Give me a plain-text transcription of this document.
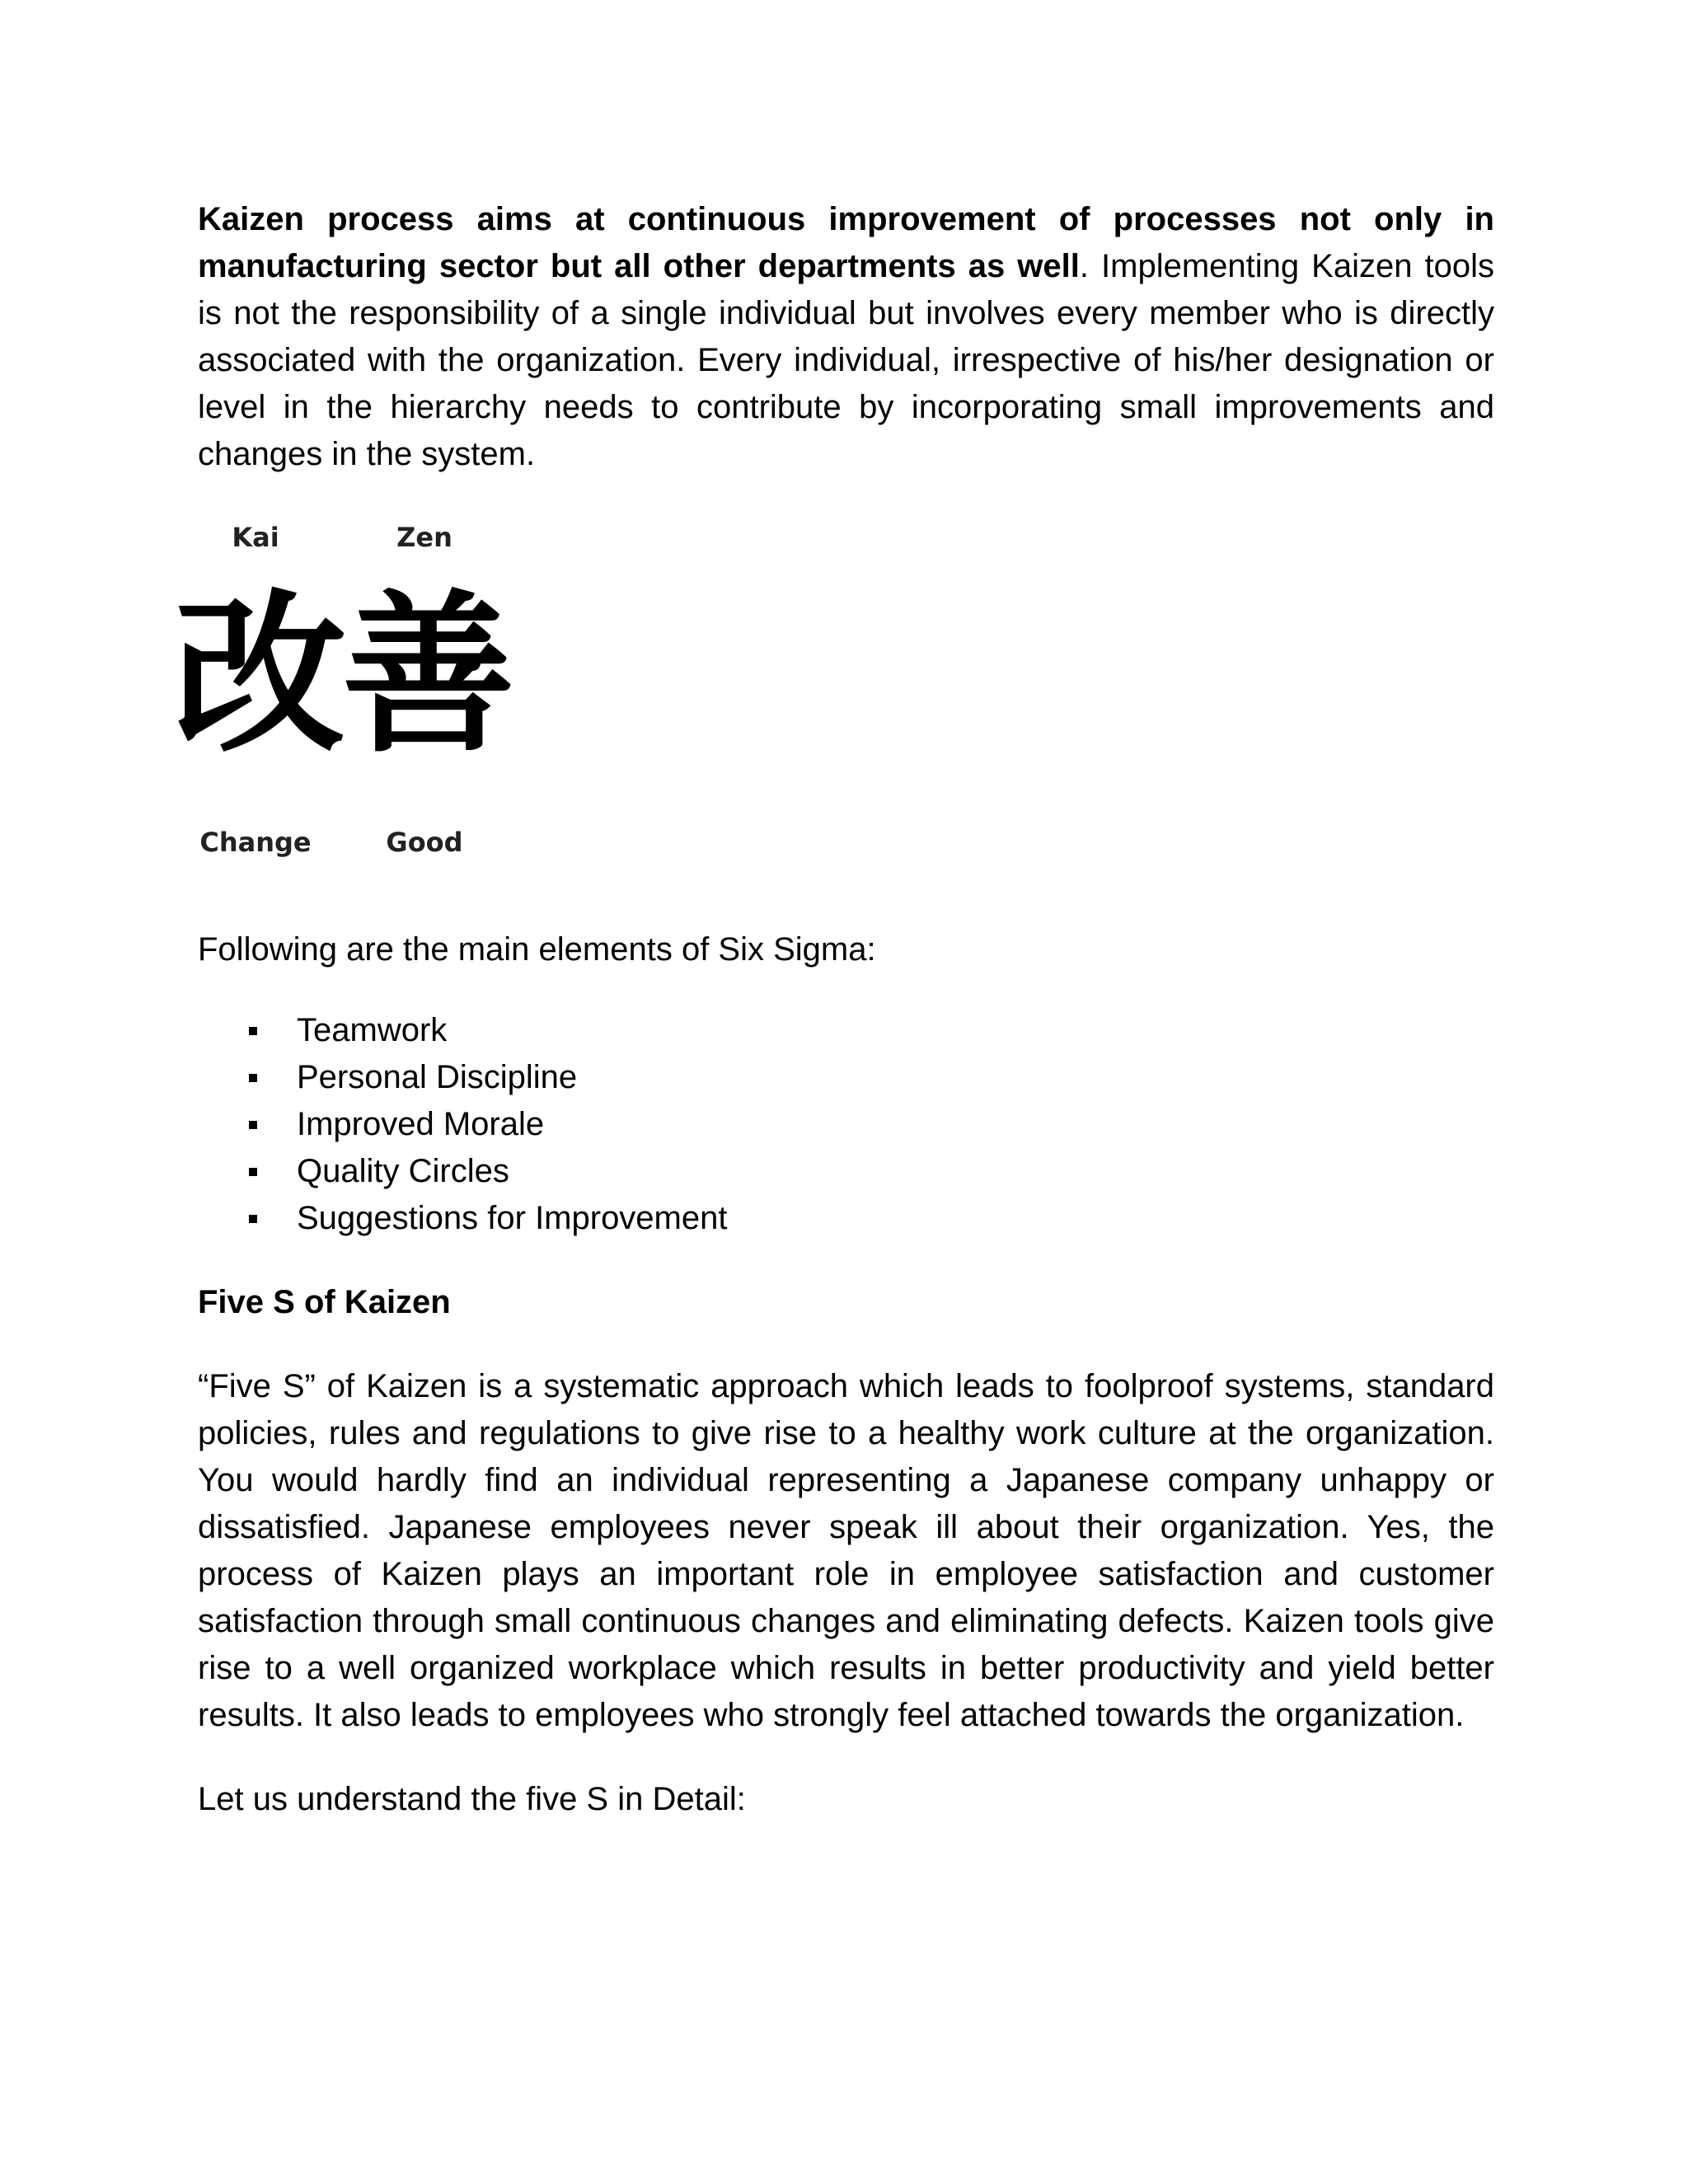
Kaizen process aims at continuous improvement of processes not only in manufacturing sector but all other departments as well. Implementing Kaizen tools is not the responsibility of a single individual but involves every member who is directly associated with the organization. Every individual, irrespective of his/her designation or level in the hierarchy needs to contribute by incorporating small improvements and changes in the system.

Kai	Zen
改
善
Change	Good

Following are the main elements of Six Sigma:

Teamwork
Personal Discipline
Improved Morale
Quality Circles
Suggestions for Improvement

Five S of Kaizen

“Five S” of Kaizen is a systematic approach which leads to foolproof systems, standard policies, rules and regulations to give rise to a healthy work culture at the organization. You would hardly find an individual representing a Japanese company unhappy or dissatisfied. Japanese employees never speak ill about their organization. Yes, the process of Kaizen plays an important role in employee satisfaction and customer satisfaction through small continuous changes and eliminating defects. Kaizen tools give rise to a well organized workplace which results in better productivity and yield better results. It also leads to employees who strongly feel attached towards the organization.

Let us understand the five S in Detail:
